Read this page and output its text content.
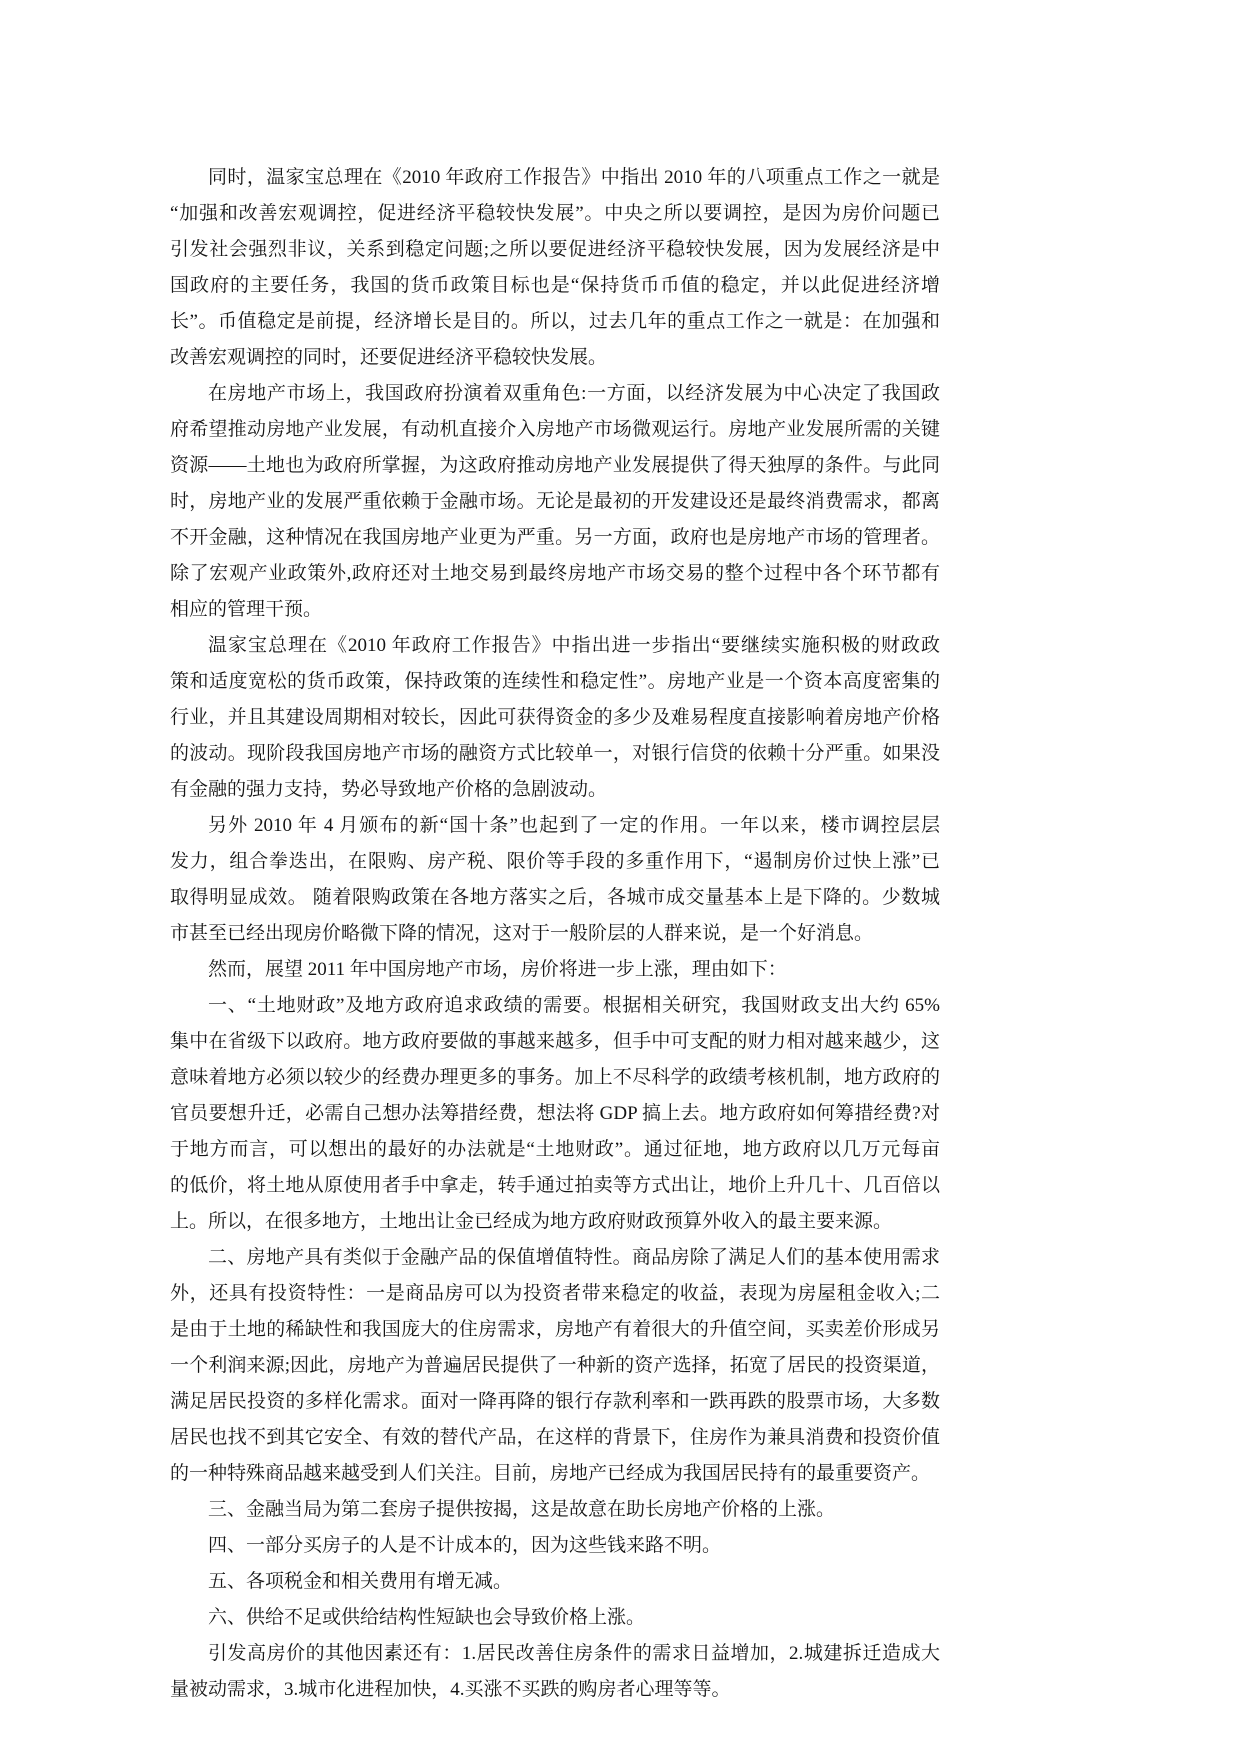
同时，温家宝总理在《2010 年政府工作报告》中指出 2010 年的八项重点工作之一就是
“加强和改善宏观调控，促进经济平稳较快发展”。中央之所以要调控，是因为房价问题已
引发社会强烈非议，关系到稳定问题;之所以要促进经济平稳较快发展，因为发展经济是中
国政府的主要任务，我国的货币政策目标也是“保持货币币值的稳定，并以此促进经济增
长”。币值稳定是前提，经济增长是目的。所以，过去几年的重点工作之一就是：在加强和
改善宏观调控的同时，还要促进经济平稳较快发展。
在房地产市场上，我国政府扮演着双重角色:一方面，以经济发展为中心决定了我国政
府希望推动房地产业发展，有动机直接介入房地产市场微观运行。房地产业发展所需的关键
资源——土地也为政府所掌握，为这政府推动房地产业发展提供了得天独厚的条件。与此同
时，房地产业的发展严重依赖于金融市场。无论是最初的开发建设还是最终消费需求，都离
不开金融，这种情况在我国房地产业更为严重。另一方面，政府也是房地产市场的管理者。
除了宏观产业政策外,政府还对土地交易到最终房地产市场交易的整个过程中各个环节都有
相应的管理干预。
温家宝总理在《2010 年政府工作报告》中指出进一步指出“要继续实施积极的财政政
策和适度宽松的货币政策，保持政策的连续性和稳定性”。房地产业是一个资本高度密集的
行业，并且其建设周期相对较长，因此可获得资金的多少及难易程度直接影响着房地产价格
的波动。现阶段我国房地产市场的融资方式比较单一，对银行信贷的依赖十分严重。如果没
有金融的强力支持，势必导致地产价格的急剧波动。
另外 2010 年 4 月颁布的新“国十条”也起到了一定的作用。一年以来，楼市调控层层
发力，组合拳迭出，在限购、房产税、限价等手段的多重作用下，“遏制房价过快上涨”已
取得明显成效。 随着限购政策在各地方落实之后，各城市成交量基本上是下降的。少数城
市甚至已经出现房价略微下降的情况，这对于一般阶层的人群来说，是一个好消息。
然而，展望 2011 年中国房地产市场，房价将进一步上涨，理由如下：
一、“土地财政”及地方政府追求政绩的需要。根据相关研究，我国财政支出大约 65%
集中在省级下以政府。地方政府要做的事越来越多，但手中可支配的财力相对越来越少，这
意味着地方必须以较少的经费办理更多的事务。加上不尽科学的政绩考核机制，地方政府的
官员要想升迁，必需自己想办法筹措经费，想法将 GDP 搞上去。地方政府如何筹措经费?对
于地方而言，可以想出的最好的办法就是“土地财政”。通过征地，地方政府以几万元每亩
的低价，将土地从原使用者手中拿走，转手通过拍卖等方式出让，地价上升几十、几百倍以
上。所以，在很多地方，土地出让金已经成为地方政府财政预算外收入的最主要来源。
二、房地产具有类似于金融产品的保值增值特性。商品房除了满足人们的基本使用需求
外，还具有投资特性：一是商品房可以为投资者带来稳定的收益，表现为房屋租金收入;二
是由于土地的稀缺性和我国庞大的住房需求，房地产有着很大的升值空间，买卖差价形成另
一个利润来源;因此，房地产为普遍居民提供了一种新的资产选择，拓宽了居民的投资渠道，
满足居民投资的多样化需求。面对一降再降的银行存款利率和一跌再跌的股票市场，大多数
居民也找不到其它安全、有效的替代产品，在这样的背景下，住房作为兼具消费和投资价值
的一种特殊商品越来越受到人们关注。目前，房地产已经成为我国居民持有的最重要资产。
三、金融当局为第二套房子提供按揭，这是故意在助长房地产价格的上涨。
四、一部分买房子的人是不计成本的，因为这些钱来路不明。
五、各项税金和相关费用有增无减。
六、供给不足或供给结构性短缺也会导致价格上涨。
引发高房价的其他因素还有：1.居民改善住房条件的需求日益增加，2.城建拆迁造成大
量被动需求，3.城市化进程加快，4.买涨不买跌的购房者心理等等。
